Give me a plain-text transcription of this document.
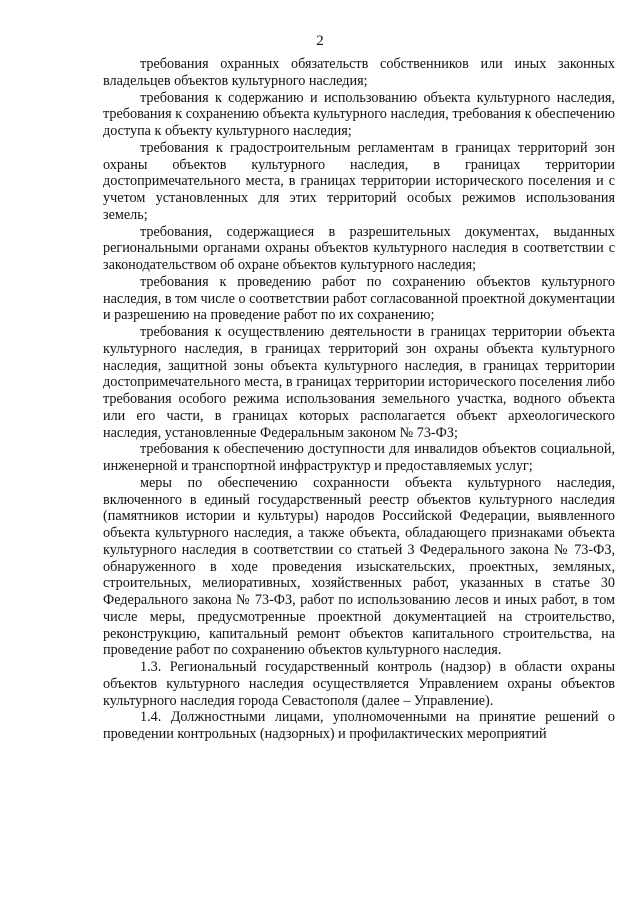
2

требования охранных обязательств собственников или иных законных владельцев объектов культурного наследия;

требования к содержанию и использованию объекта культурного наследия, требования к сохранению объекта культурного наследия, требования к обеспечению доступа к объекту культурного наследия;

требования к градостроительным регламентам в границах территорий зон охраны объектов культурного наследия, в границах территории достопримечательного места, в границах территории исторического поселения и с учетом установленных для этих территорий особых режимов использования земель;

требования, содержащиеся в разрешительных документах, выданных региональными органами охраны объектов культурного наследия в соответствии с законодательством об охране объектов культурного наследия;

требования к проведению работ по сохранению объектов культурного наследия, в том числе о соответствии работ согласованной проектной документации и разрешению на проведение работ по их сохранению;

требования к осуществлению деятельности в границах территории объекта культурного наследия, в границах территорий зон охраны объекта культурного наследия, защитной зоны объекта культурного наследия, в границах территории достопримечательного места, в границах территории исторического поселения либо требования особого режима использования земельного участка, водного объекта или его части, в границах которых располагается объект археологического наследия, установленные Федеральным законом № 73-ФЗ;

требования к обеспечению доступности для инвалидов объектов социальной, инженерной и транспортной инфраструктур и предоставляемых услуг;

меры по обеспечению сохранности объекта культурного наследия, включенного в единый государственный реестр объектов культурного наследия (памятников истории и культуры) народов Российской Федерации, выявленного объекта культурного наследия, а также объекта, обладающего признаками объекта культурного наследия в соответствии со статьей 3 Федерального закона № 73-ФЗ, обнаруженного в ходе проведения изыскательских, проектных, земляных, строительных, мелиоративных, хозяйственных работ, указанных в статье 30 Федерального закона № 73-ФЗ, работ по использованию лесов и иных работ, в том числе меры, предусмотренные проектной документацией на строительство, реконструкцию, капитальный ремонт объектов капитального строительства, на проведение работ по сохранению объектов культурного наследия.

1.3. Региональный государственный контроль (надзор) в области охраны объектов культурного наследия осуществляется Управлением охраны объектов культурного наследия города Севастополя (далее – Управление).

1.4. Должностными лицами, уполномоченными на принятие решений о проведении контрольных (надзорных) и профилактических мероприятий
